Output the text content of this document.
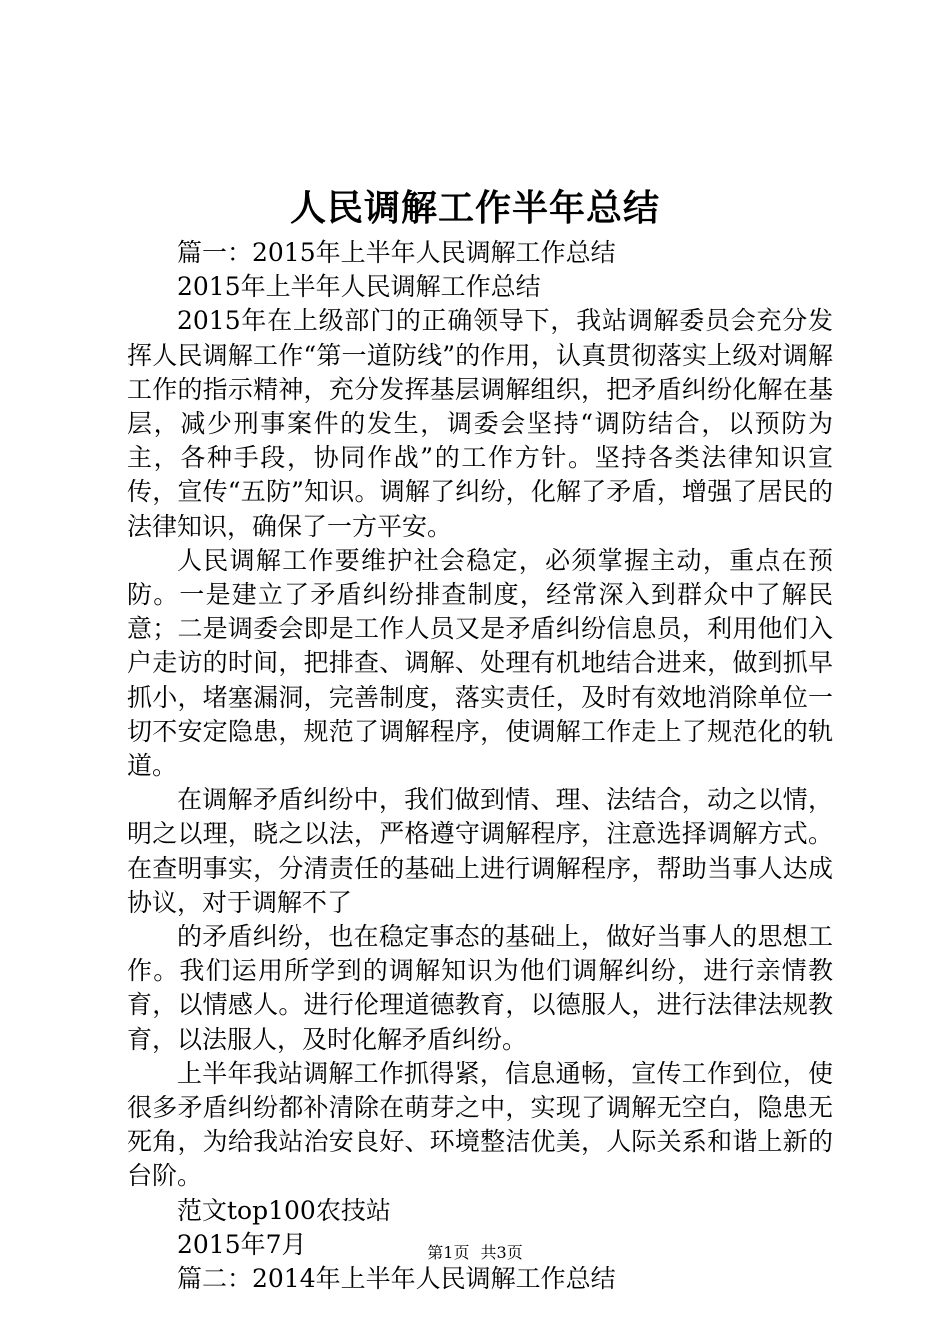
人民调解工作半年总结

篇一：2015年上半年人民调解工作总结

2015年上半年人民调解工作总结

2015年在上级部门的正确领导下，我站调解委员会充分发挥人民调解工作“第一道防线”的作用，认真贯彻落实上级对调解工作的指示精神，充分发挥基层调解组织，把矛盾纠纷化解在基层，减少刑事案件的发生，调委会坚持“调防结合，以预防为主，各种手段，协同作战”的工作方针。坚持各类法律知识宣传，宣传“五防”知识。调解了纠纷，化解了矛盾，增强了居民的法律知识，确保了一方平安。

人民调解工作要维护社会稳定，必须掌握主动，重点在预防。一是建立了矛盾纠纷排查制度，经常深入到群众中了解民意；二是调委会即是工作人员又是矛盾纠纷信息员，利用他们入户走访的时间，把排查、调解、处理有机地结合进来，做到抓早抓小，堵塞漏洞，完善制度，落实责任，及时有效地消除单位一切不安定隐患，规范了调解程序，使调解工作走上了规范化的轨道。

在调解矛盾纠纷中，我们做到情、理、法结合，动之以情，明之以理，晓之以法，严格遵守调解程序，注意选择调解方式。在查明事实，分清责任的基础上进行调解程序，帮助当事人达成协议，对于调解不了

的矛盾纠纷，也在稳定事态的基础上，做好当事人的思想工作。我们运用所学到的调解知识为他们调解纠纷，进行亲情教育，以情感人。进行伦理道德教育，以德服人，进行法律法规教育，以法服人，及时化解矛盾纠纷。

上半年我站调解工作抓得紧，信息通畅，宣传工作到位，使很多矛盾纠纷都补清除在萌芽之中，实现了调解无空白，隐患无死角，为给我站治安良好、环境整洁优美，人际关系和谐上新的台阶。

范文top100农技站

2015年7月

篇二：2014年上半年人民调解工作总结

第1页 共3页
